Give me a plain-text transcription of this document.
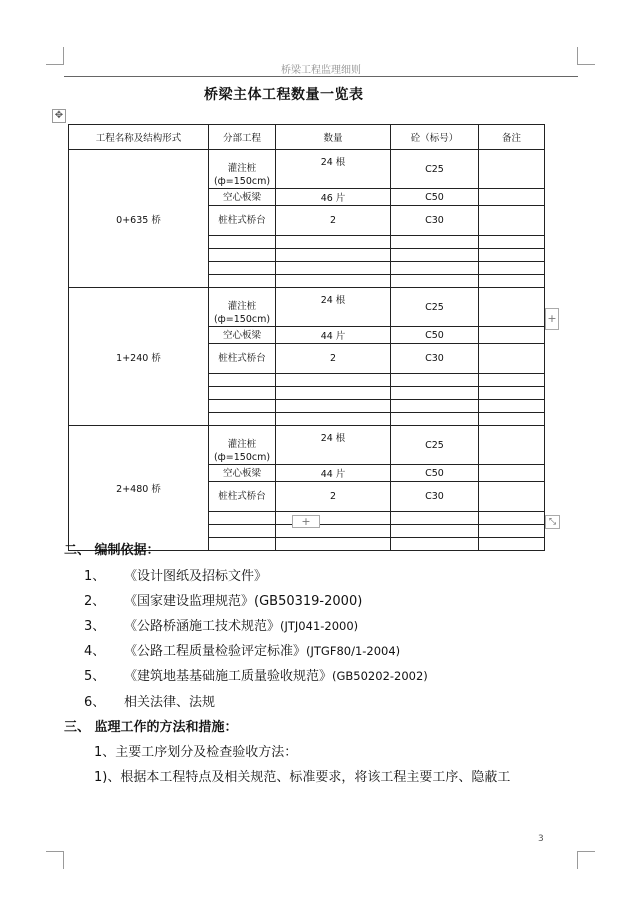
桥梁工程监理细则
桥梁主体工程数量一览表
✥
工程名称及结构形式	分部工程	数量	砼（标号）	备注
0+635 桥	灌注桩(ф=150cm)	24 根	C25	
	空心板梁	46 片	C50	
	桩柱式桥台	2	C30	

1+240 桥	灌注桩(ф=150cm)	24 根	C25	
	空心板梁	44 片	C50	
	桩柱式桥台	2	C30	

2+480 桥	灌注桩(ф=150cm)	24 根	C25	
	空心板梁	44 片	C50	
	桩柱式桥台	2	C30	

+
+	⤡
二、 编制依据：
1、 《设计图纸及招标文件》
2、 《国家建设监理规范》(GB50319-2000)
3、 《公路桥涵施工技术规范》(JTJ041-2000)
4、 《公路工程质量检验评定标准》(JTGF80/1-2004)
5、 《建筑地基基础施工质量验收规范》(GB50202-2002)
6、 相关法律、法规
三、 监理工作的方法和措施：
1、主要工序划分及检查验收方法：
1)、根据本工程特点及相关规范、标准要求，将该工程主要工序、隐蔽工
3
